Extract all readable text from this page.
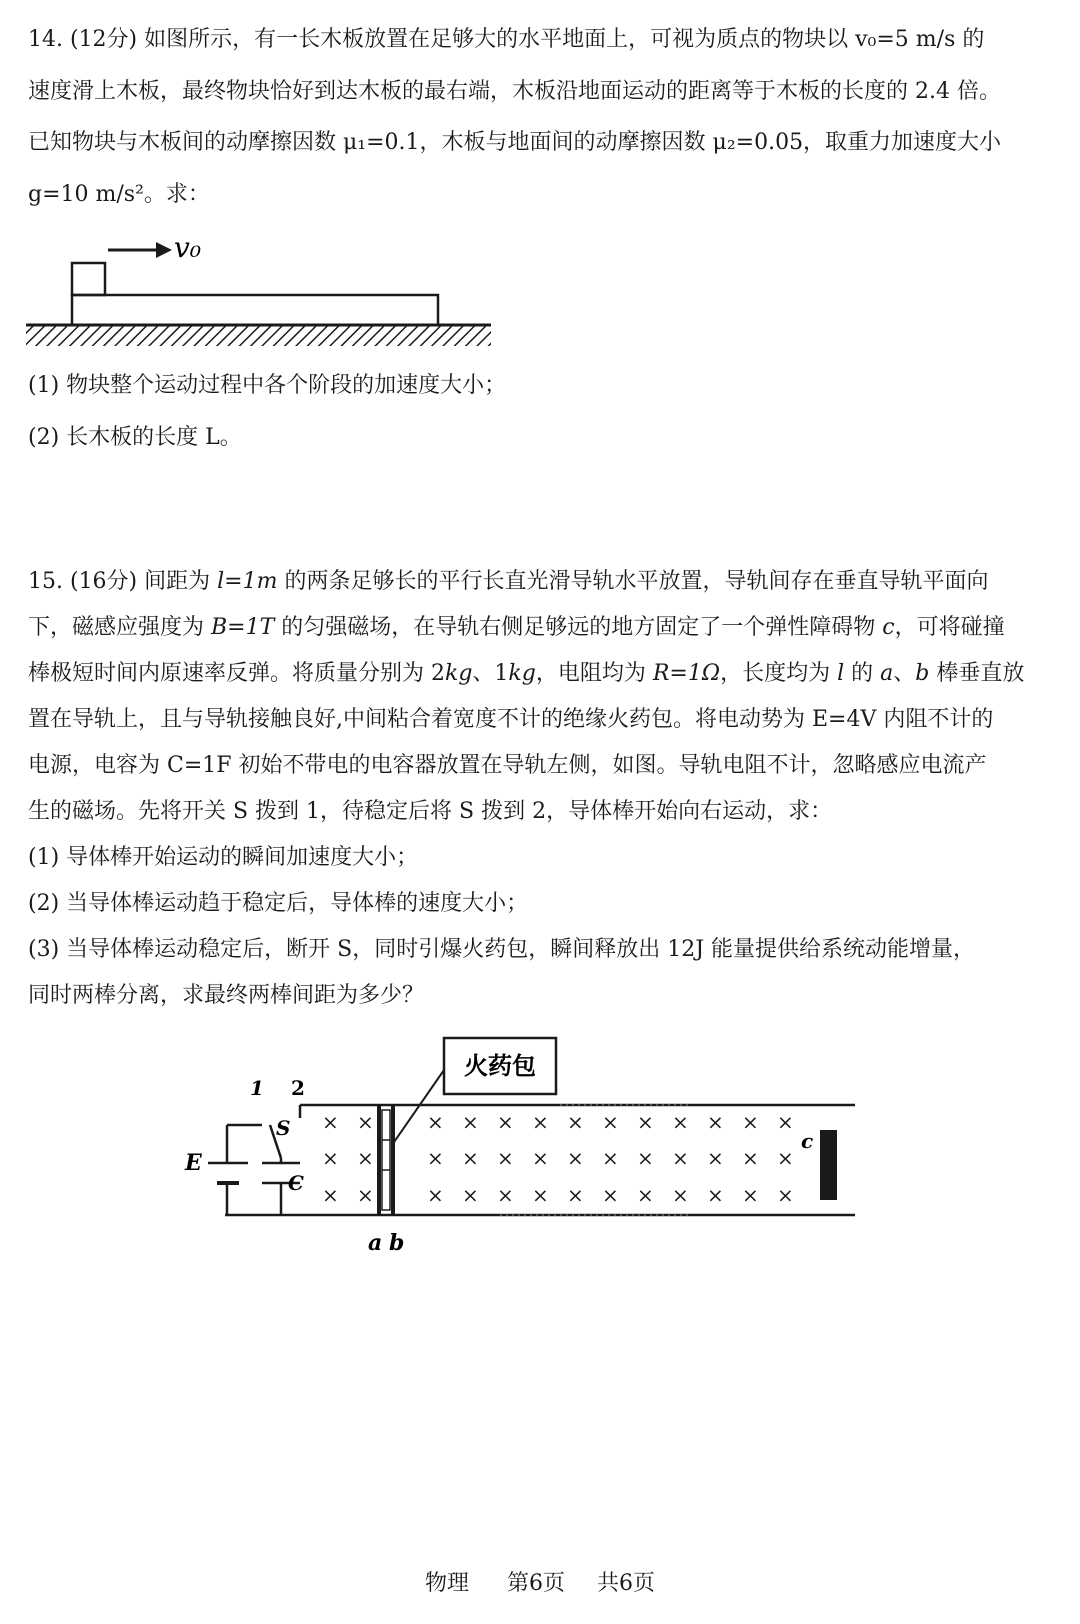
14. (12分) 如图所示，有一长木板放置在足够大的水平地面上，可视为质点的物块以 v₀=5 m/s 的
速度滑上木板，最终物块恰好到达木板的最右端，木板沿地面运动的距离等于木板的长度的 2.4 倍。
已知物块与木板间的动摩擦因数 μ₁=0.1，木板与地面间的动摩擦因数 μ₂=0.05，取重力加速度大小
g=10 m/s²。求：
v₀
(1) 物块整个运动过程中各个阶段的加速度大小；
(2) 长木板的长度 L。
15. (16分) 间距为 l=1m 的两条足够长的平行长直光滑导轨水平放置，导轨间存在垂直导轨平面向
下，磁感应强度为 B=1T 的匀强磁场，在导轨右侧足够远的地方固定了一个弹性障碍物 c，可将碰撞
棒极短时间内原速率反弹。将质量分别为 2kg、1kg，电阻均为 R=1Ω，长度均为 l 的 a、b 棒垂直放
置在导轨上，且与导轨接触良好,中间粘合着宽度不计的绝缘火药包。将电动势为 E=4V 内阻不计的
电源，电容为 C=1F 初始不带电的电容器放置在导轨左侧，如图。导轨电阻不计，忽略感应电流产
生的磁场。先将开关 S 拨到 1，待稳定后将 S 拨到 2，导体棒开始向右运动，求：
(1) 导体棒开始运动的瞬间加速度大小；
(2) 当导体棒运动趋于稳定后，导体棒的速度大小；
(3) 当导体棒运动稳定后，断开 S，同时引爆火药包，瞬间释放出 12J 能量提供给系统动能增量，
同时两棒分离，求最终两棒间距为多少？
E
1 2
S
C
× ×	× × × × × × × × × × ×
× ×	× × × × × × × × × × ×
× ×	× × × × × × × × × × ×
a b
火药包
c
物理 第6页 共6页
